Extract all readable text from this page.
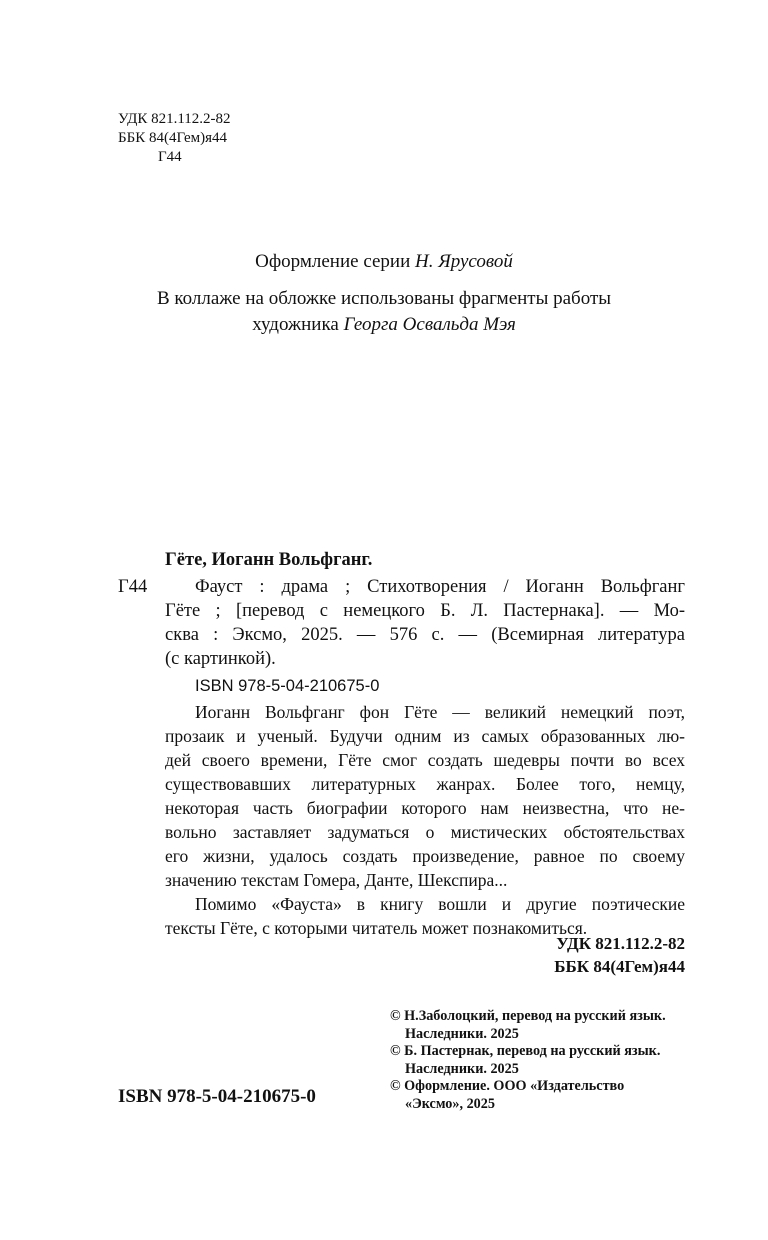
УДК 821.112.2-82
ББК 84(4Гем)я44
Г44
Оформление серии Н. Ярусовой
В коллаже на обложке использованы фрагменты работы
художника Георга Освальда Мэя
Гёте, Иоганн Вольфганг.
Г44	Фауст : драма ; Стихотворения / Иоганн Вольфганг
Гёте ; [перевод с немецкого Б. Л. Пастернака]. — Мо-
сква : Эксмо, 2025. — 576 с. — (Всемирная литература
(с картинкой).
ISBN 978-5-04-210675-0
Иоганн Вольфганг фон Гёте — великий немецкий поэт,
прозаик и ученый. Будучи одним из самых образованных лю-
дей своего времени, Гёте смог создать шедевры почти во всех
существовавших литературных жанрах. Более того, немцу,
некоторая часть биографии которого нам неизвестна, что не-
вольно заставляет задуматься о мистических обстоятельствах
его жизни, удалось создать произведение, равное по своему
значению текстам Гомера, Данте, Шекспира...
Помимо «Фауста» в книгу вошли и другие поэтические
тексты Гёте, с которыми читатель может познакомиться.
УДК 821.112.2-82
ББК 84(4Гем)я44
ISBN 978-5-04-210675-0
© Н.Заболоцкий, перевод на русский язык.
Наследники. 2025
© Б. Пастернак, перевод на русский язык.
Наследники. 2025
© Оформление. ООО «Издательство
«Эксмо», 2025
